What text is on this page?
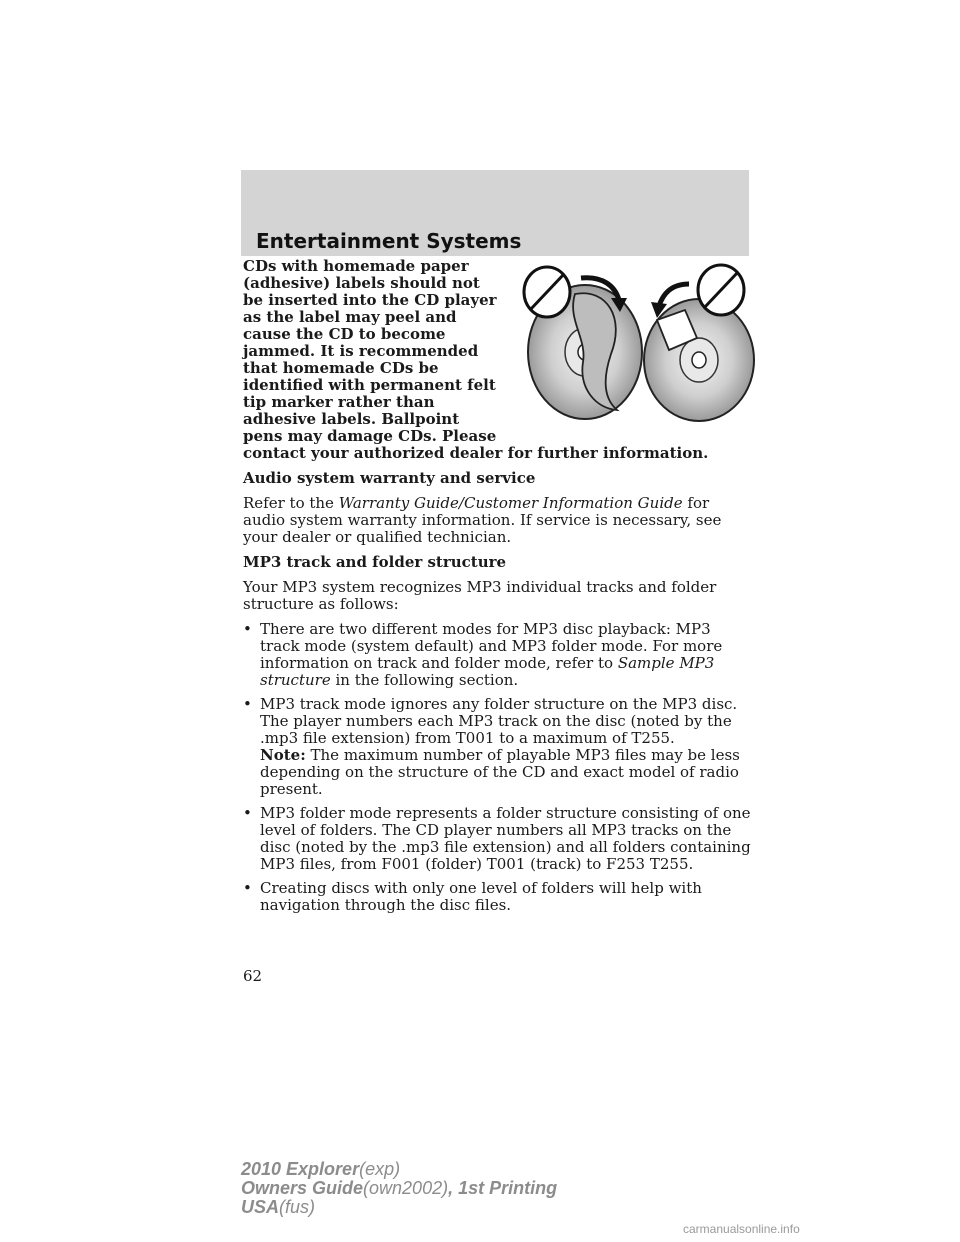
Entertainment Systems

CDs with homemade paper (adhesive) labels should not be inserted into the CD player as the label may peel and cause the CD to become jammed. It is recommended that homemade CDs be identified with permanent felt tip marker rather than adhesive labels. Ballpoint pens may damage CDs. Please contact your authorized dealer for further information.

Audio system warranty and service

Refer to the Warranty Guide/Customer Information Guide for audio system warranty information. If service is necessary, see your dealer or qualified technician.

MP3 track and folder structure

Your MP3 system recognizes MP3 individual tracks and folder structure as follows:

• There are two different modes for MP3 disc playback: MP3 track mode (system default) and MP3 folder mode. For more information on track and folder mode, refer to Sample MP3 structure in the following section.
• MP3 track mode ignores any folder structure on the MP3 disc. The player numbers each MP3 track on the disc (noted by the .mp3 file extension) from T001 to a maximum of T255.
Note: The maximum number of playable MP3 files may be less depending on the structure of the CD and exact model of radio present.
• MP3 folder mode represents a folder structure consisting of one level of folders. The CD player numbers all MP3 tracks on the disc (noted by the .mp3 file extension) and all folders containing MP3 files, from F001 (folder) T001 (track) to F253 T255.
• Creating discs with only one level of folders will help with navigation through the disc files.
62
2010 Explorer(exp)
Owners Guide(own2002), 1st Printing
USA(fus)
carmanualsonline.info
